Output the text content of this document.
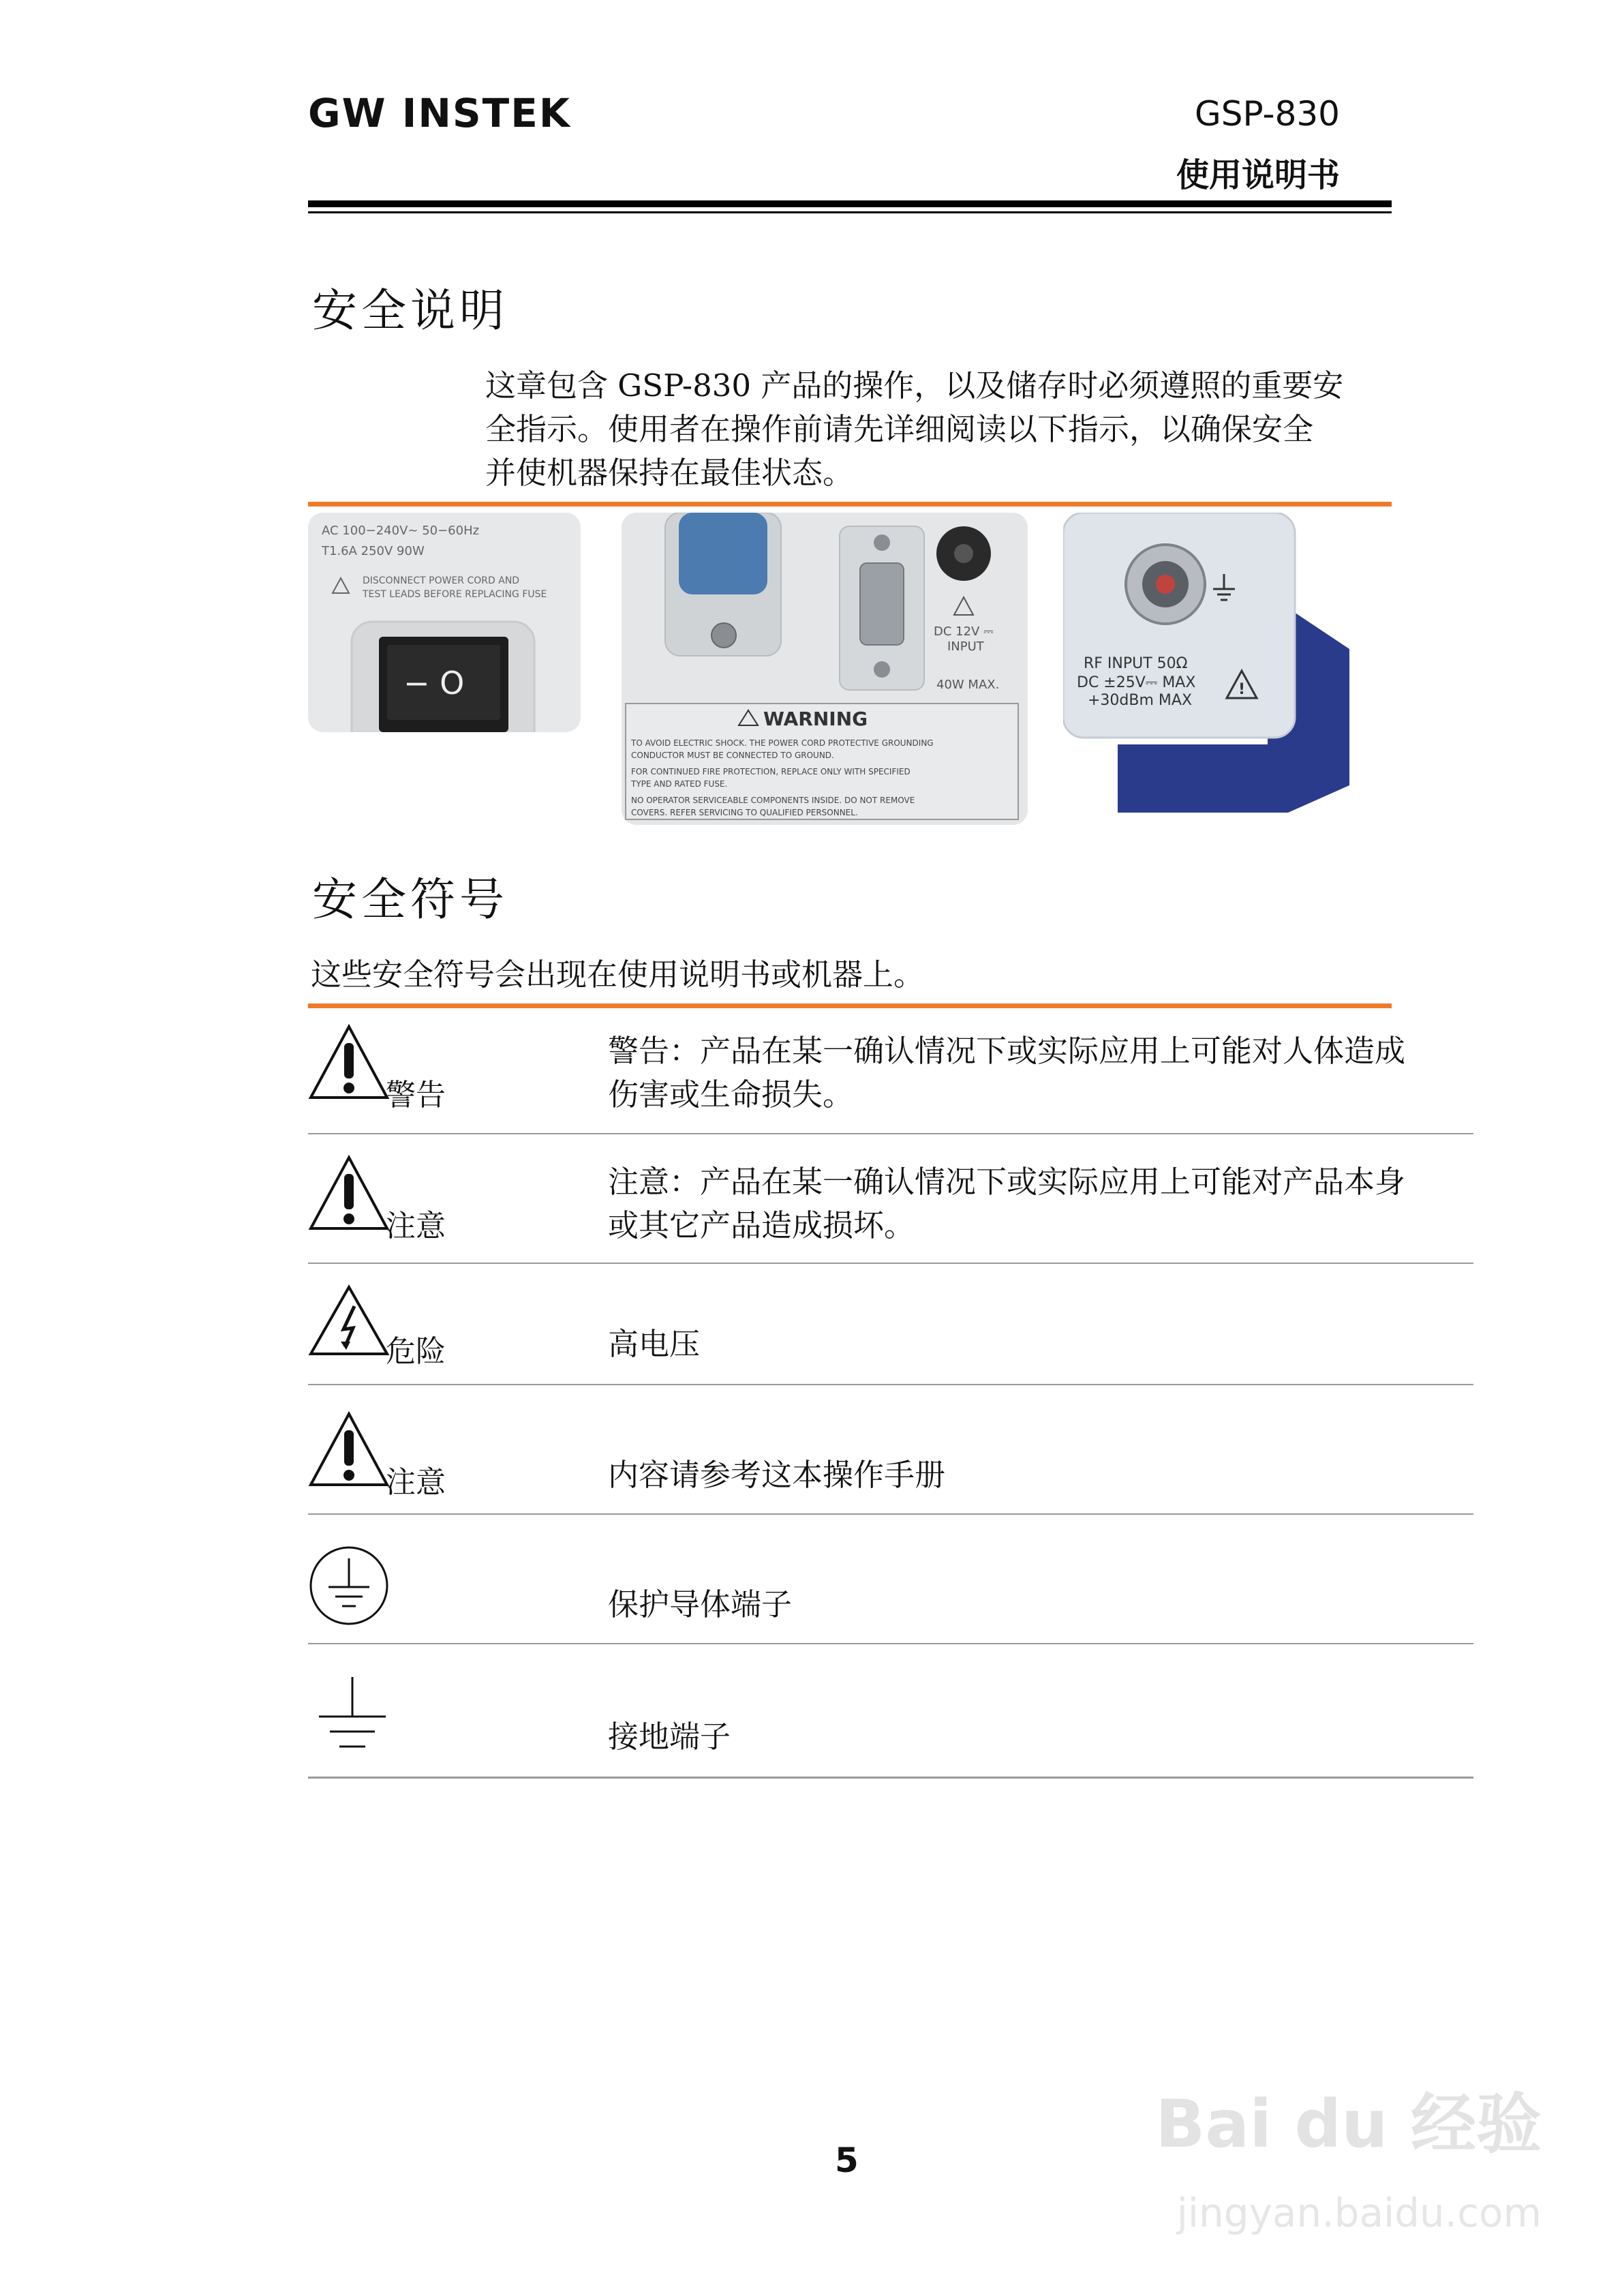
GW INSTEK	GSP-830
使用说明书
安全说明
这章包含 GSP-830 产品的操作，以及储存时必须遵照的重要安
全指示。使用者在操作前请先详细阅读以下指示，以确保安全
并使机器保持在最佳状态。
AC 100−240V∼ 50−60Hz
T1.6A 250V 90W
DISCONNECT POWER CORD AND
TEST LEADS BEFORE REPLACING FUSE
− O
DC 12V ⎓
INPUT
40W MAX.
WARNING
TO AVOID ELECTRIC SHOCK. THE POWER CORD PROTECTIVE GROUNDING
CONDUCTOR MUST BE CONNECTED TO GROUND.
FOR CONTINUED FIRE PROTECTION, REPLACE ONLY WITH SPECIFIED
TYPE AND RATED FUSE.
NO OPERATOR SERVICEABLE COMPONENTS INSIDE. DO NOT REMOVE
COVERS. REFER SERVICING TO QUALIFIED PERSONNEL.
RF INPUT 50Ω
DC ±25V⎓ MAX
+30dBm MAX
!
安全符号
这些安全符号会出现在使用说明书或机器上。
警告
警告：产品在某一确认情况下或实际应用上可能对人体造成
伤害或生命损失。
注意
注意：产品在某一确认情况下或实际应用上可能对产品本身
或其它产品造成损坏。
危险	高电压
注意	内容请参考这本操作手册
保护导体端子
接地端子
5	Bai du 经验
jingyan.baidu.com
